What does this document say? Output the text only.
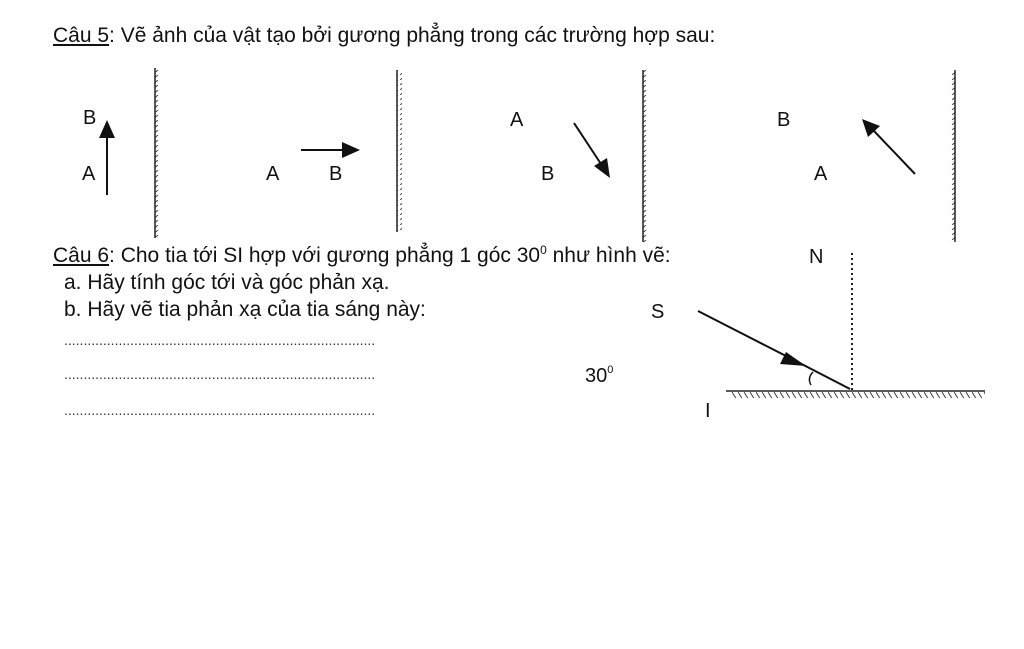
Câu 5: Vẽ ảnh của vật tạo bởi gương phẳng trong các trường hợp sau:
Câu 6: Cho tia tới SI hợp với gương phẳng 1 góc $30^0$ như hình vẽ:
a. Hãy tính góc tới và góc phản xạ.
b. Hãy vẽ tia phản xạ của tia sáng này:
................................................................................
................................................................................
................................................................................
B
A	A B
A
B
B
A
N
S
I
$30^0$
